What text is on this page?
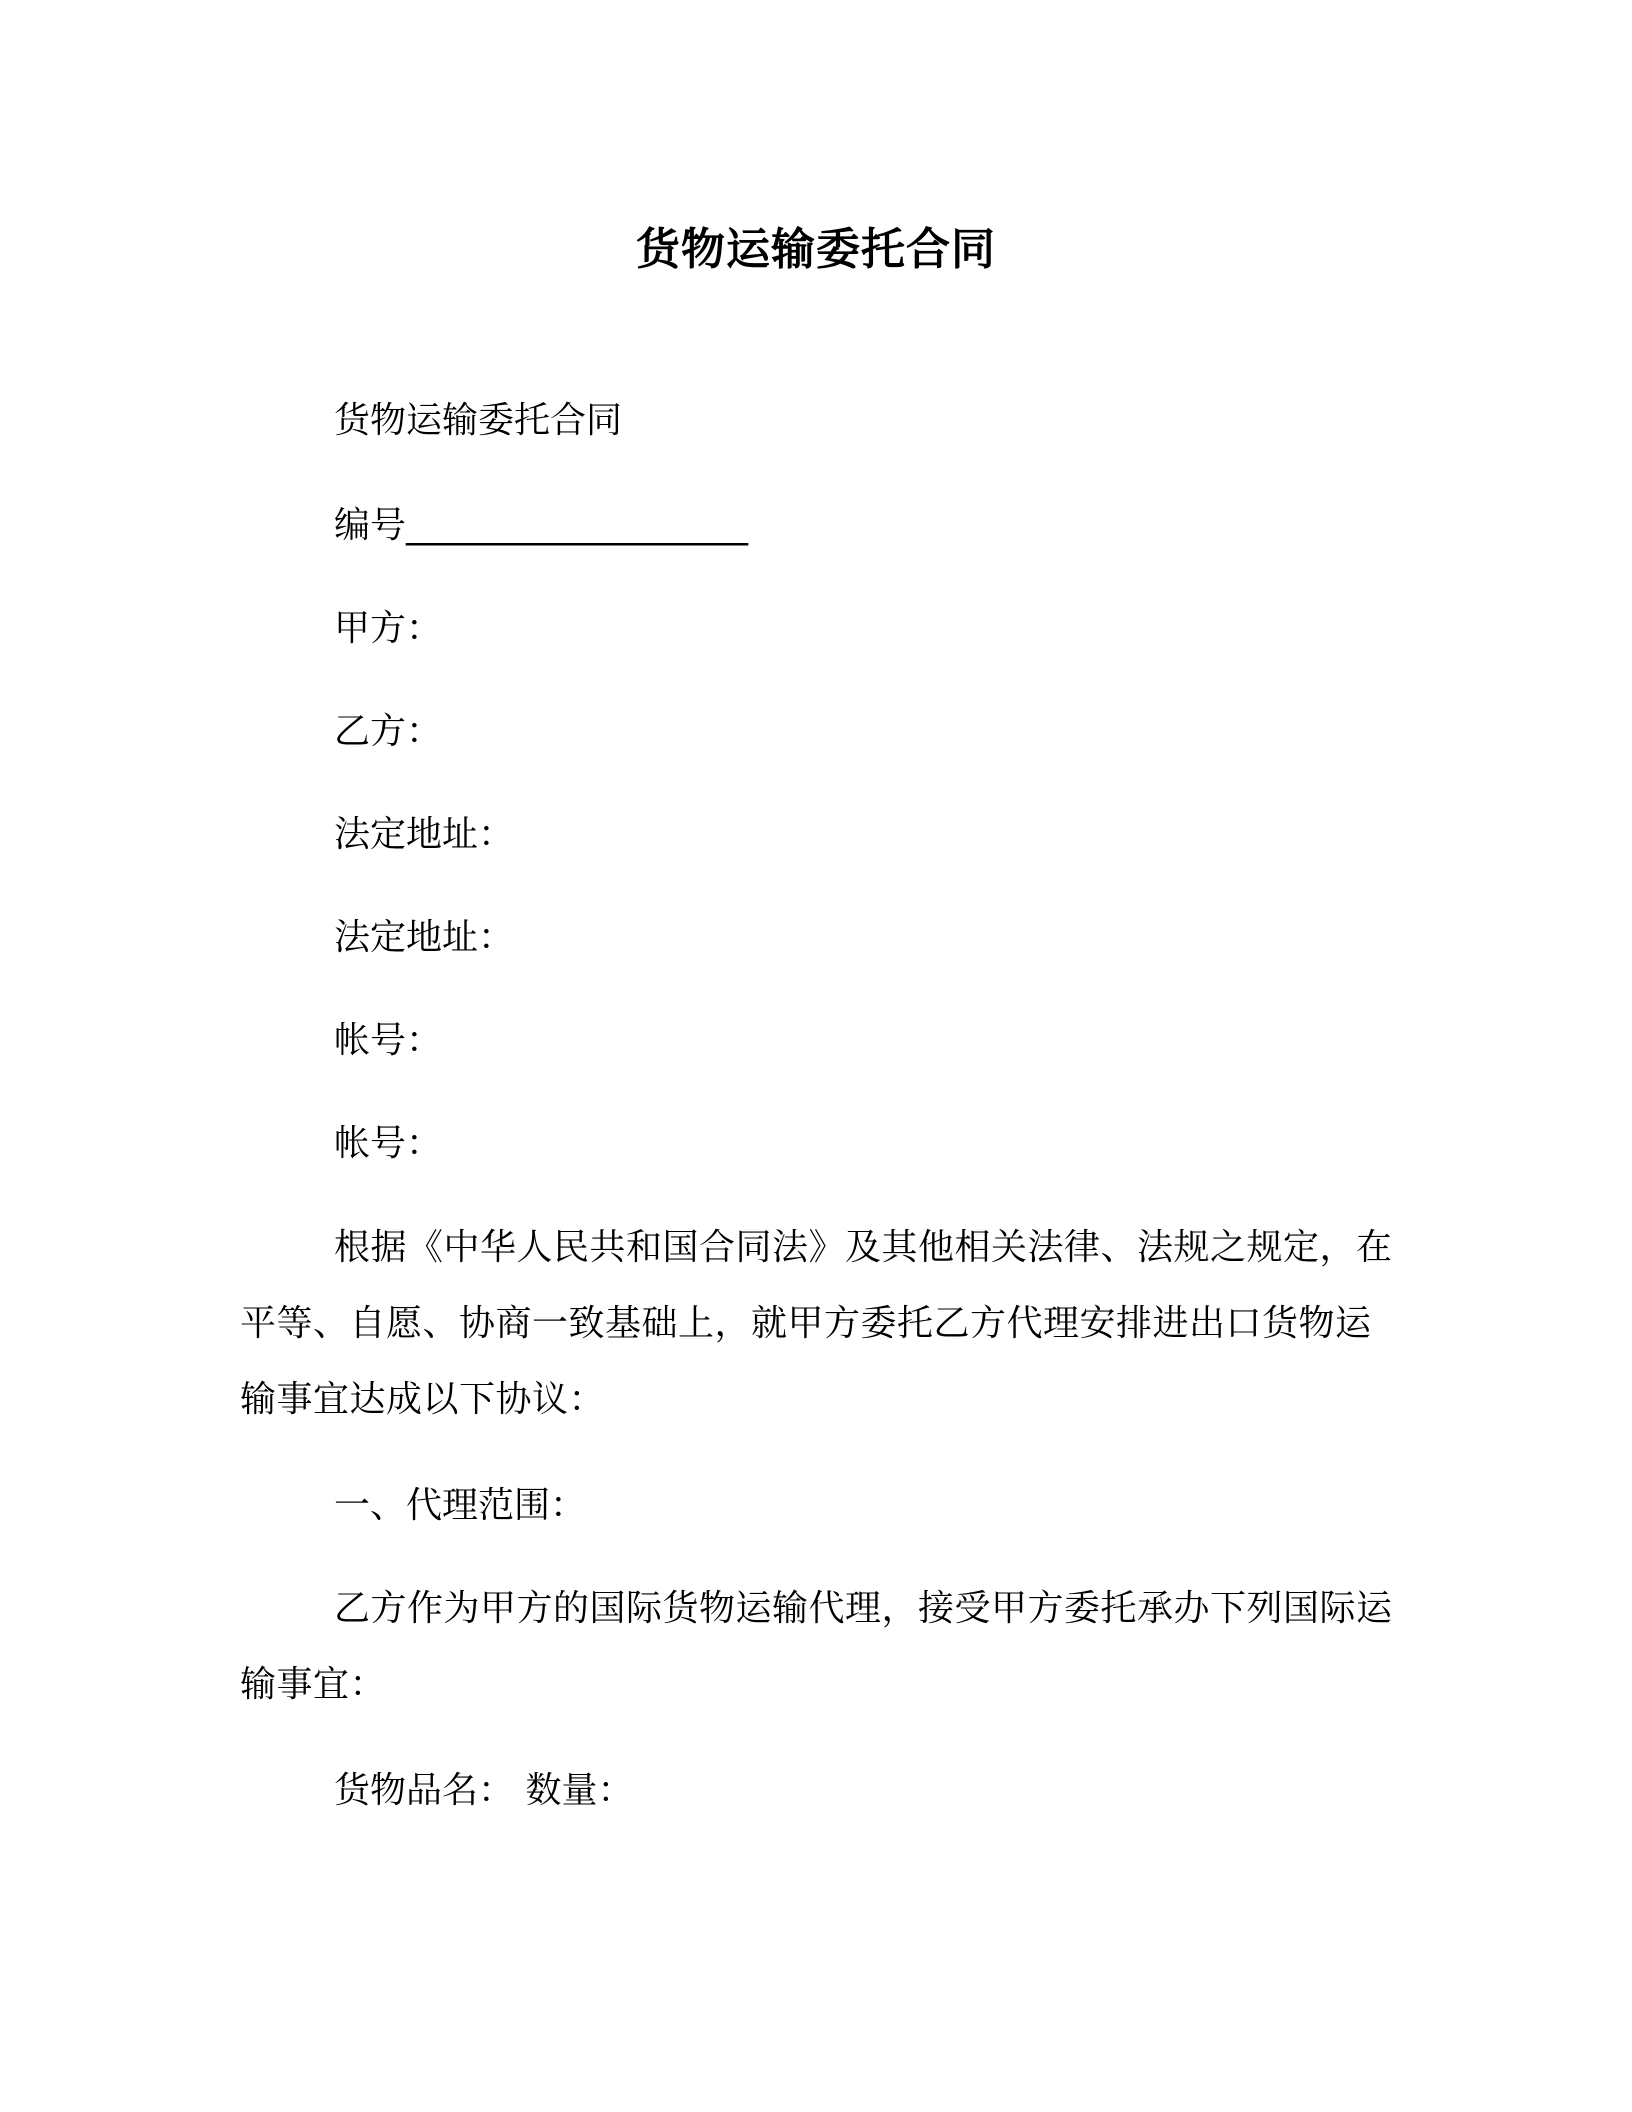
货物运输委托合同
货物运输委托合同
编号___________________
甲方：
乙方：
法定地址：
法定地址：
帐号：
帐号：
根据《中华人民共和国合同法》及其他相关法律、法规之规定，在平等、自愿、协商一致基础上，就甲方委托乙方代理安排进出口货物运输事宜达成以下协议：
一、代理范围：
乙方作为甲方的国际货物运输代理，接受甲方委托承办下列国际运输事宜：
货物品名： 数量：
